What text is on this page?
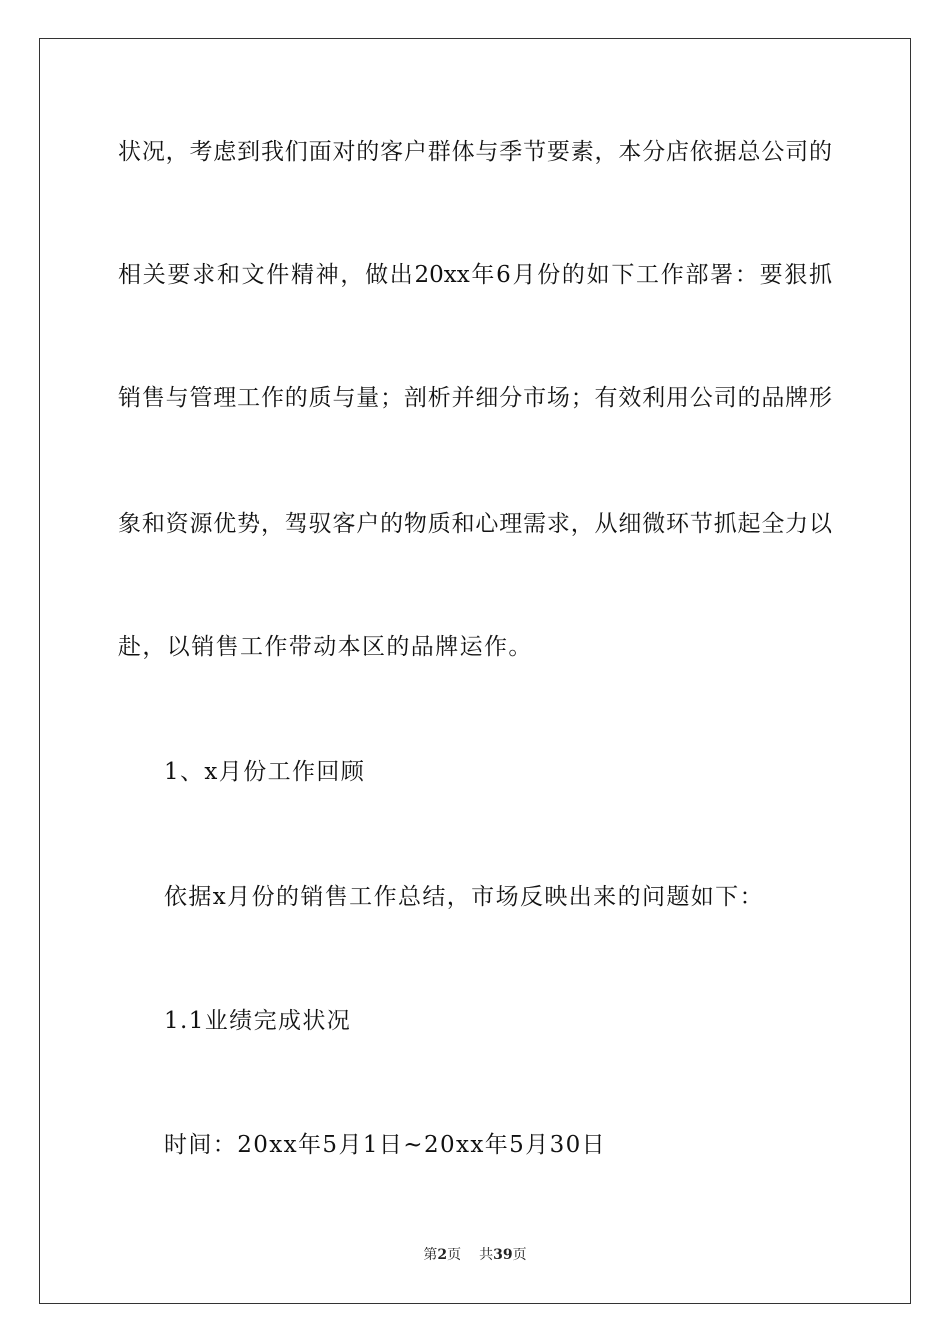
状况，考虑到我们面对的客户群体与季节要素，本分店依据总公司的
相关要求和文件精神，做出20xx年6月份的如下工作部署：要狠抓
销售与管理工作的质与量；剖析并细分市场；有效利用公司的品牌形
象和资源优势，驾驭客户的物质和心理需求，从细微环节抓起全力以
赴，以销售工作带动本区的品牌运作。
1、x月份工作回顾
依据x月份的销售工作总结，市场反映出来的问题如下：
1.1业绩完成状况
时间：20xx年5月1日~20xx年5月30日
第2页 共39页
